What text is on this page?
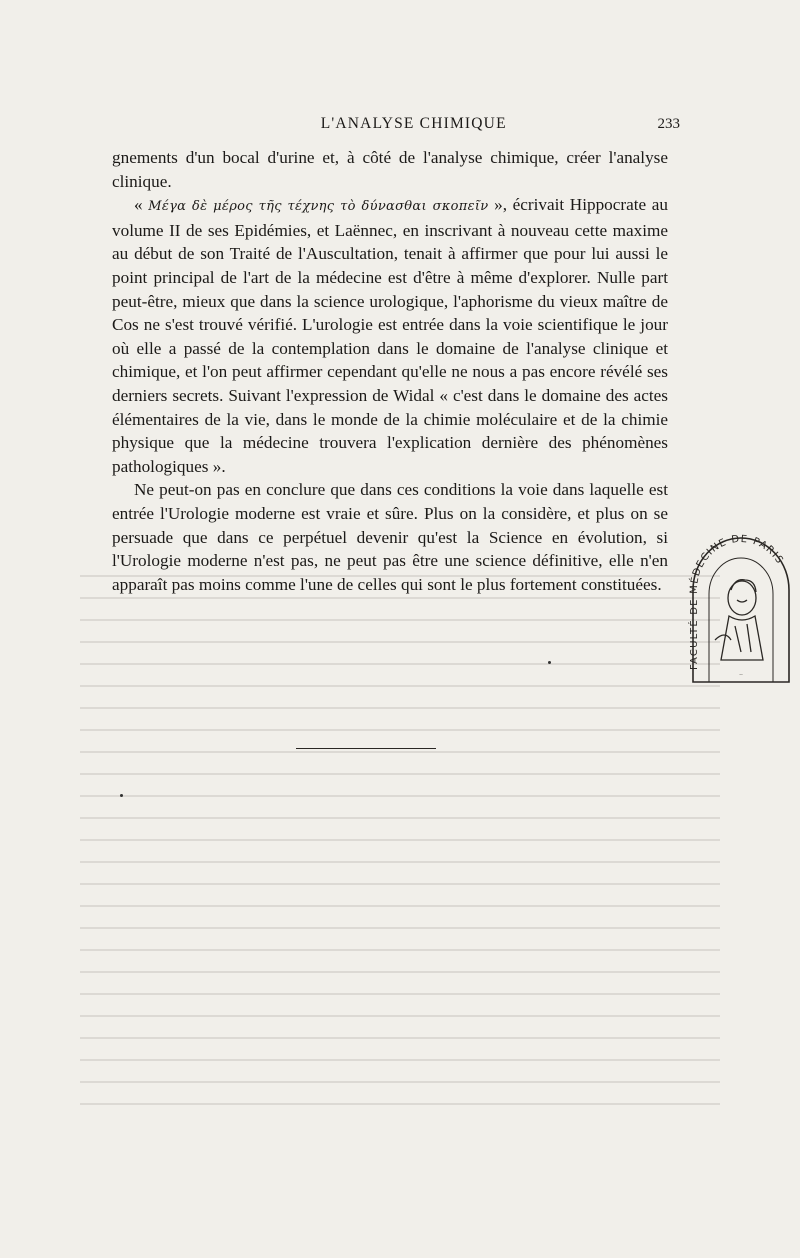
L'ANALYSE CHIMIQUE	233

gnements d'un bocal d'urine et, à côté de l'analyse chimique, créer l'analyse clinique.

« Μέγα δὲ μέρος τῆς τέχνης τὸ δύνασθαι σκοπεῖν », écrivait Hippocrate au volume II de ses Epidémies, et Laënnec, en inscrivant à nouveau cette maxime au début de son Traité de l'Auscultation, tenait à affirmer que pour lui aussi le point principal de l'art de la médecine est d'être à même d'explorer. Nulle part peut-être, mieux que dans la science urologique, l'aphorisme du vieux maître de Cos ne s'est trouvé vérifié. L'urologie est entrée dans la voie scientifique le jour où elle a passé de la contemplation dans le domaine de l'analyse clinique et chimique, et l'on peut affirmer cependant qu'elle ne nous a pas encore révélé ses derniers secrets. Suivant l'expression de Widal « c'est dans le domaine des actes élémentaires de la vie, dans le monde de la chimie moléculaire et de la chimie physique que la médecine trouvera l'explication dernière des phénomènes pathologiques ».

Ne peut-on pas en conclure que dans ces conditions la voie dans laquelle est entrée l'Urologie moderne est vraie et sûre. Plus on la considère, et plus on se persuade que dans ce perpétuel devenir qu'est la Science en évolution, si l'Urologie moderne n'est pas, ne peut pas être une science définitive, elle n'en apparaît pas moins comme l'une de celles qui sont le plus fortement constituées.

FACULTÉ DE MÉDECINE DE PARIS
··
